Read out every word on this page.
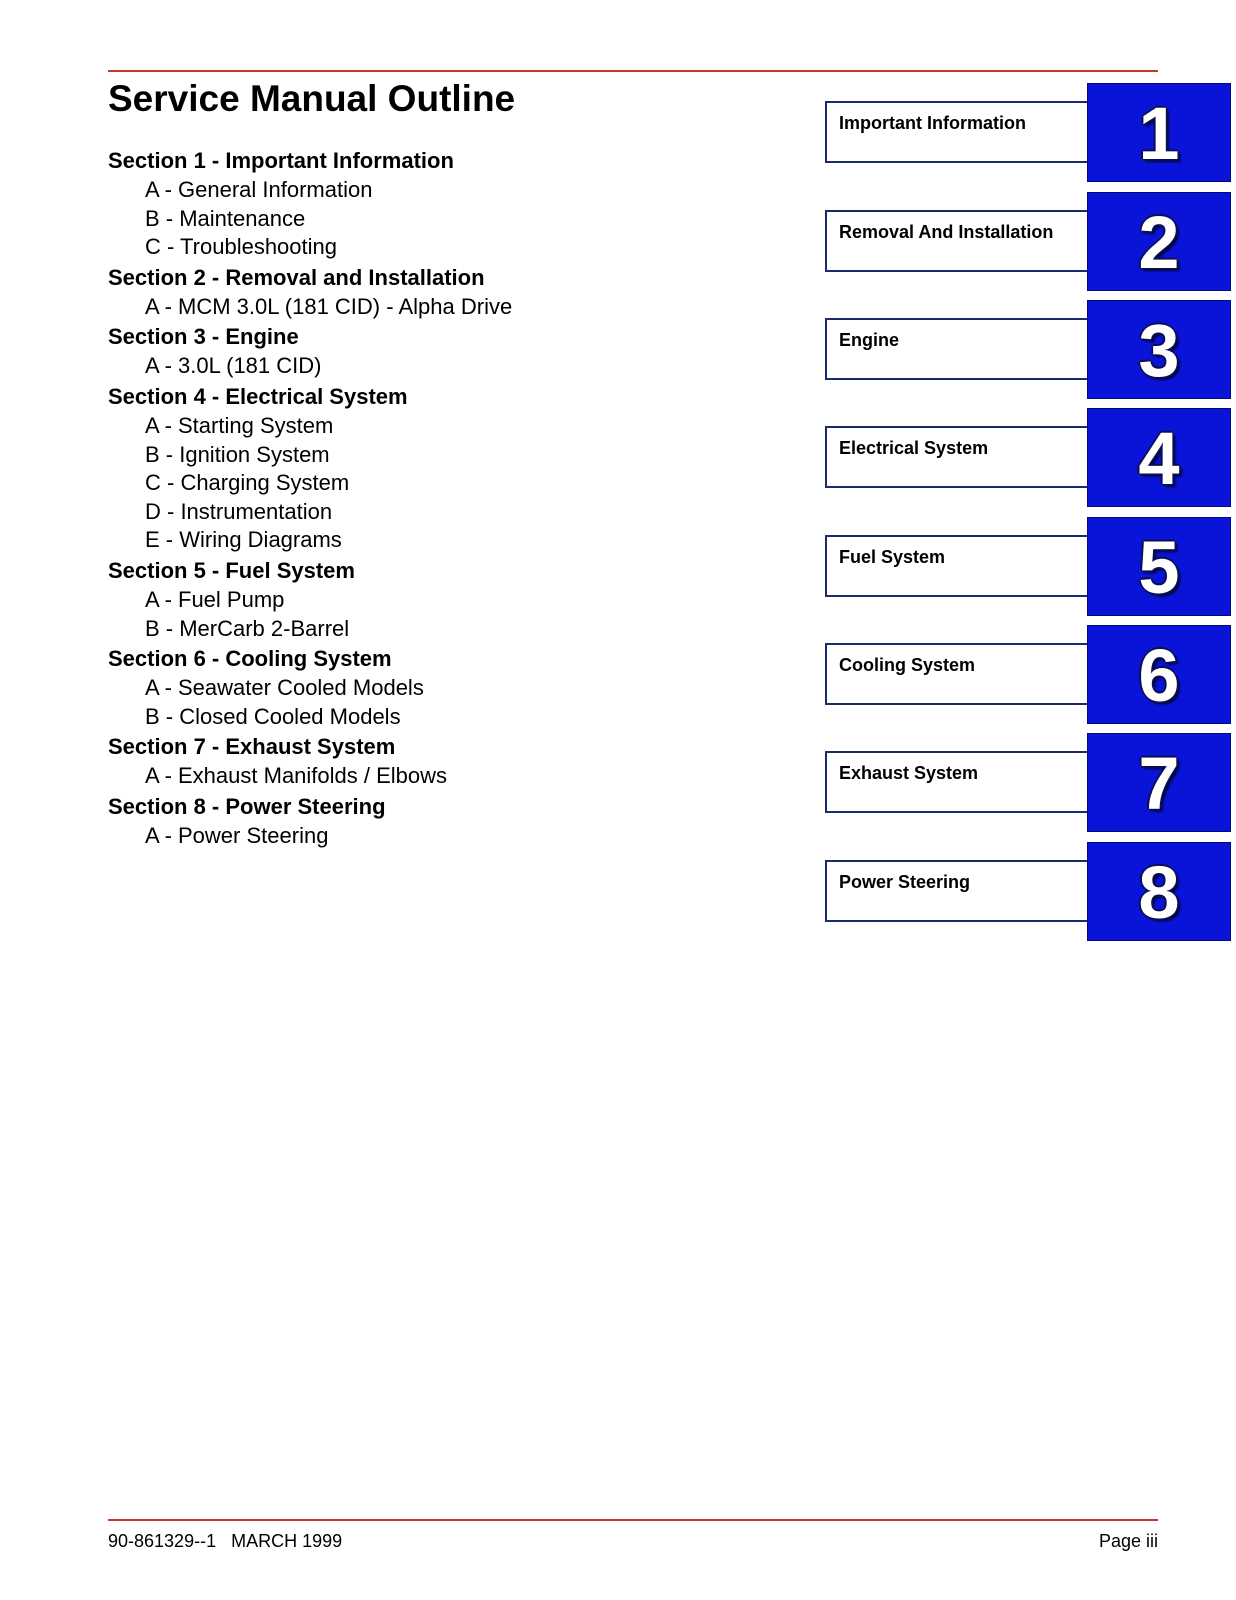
Service Manual Outline
Section 1 - Important Information
A - General Information
B - Maintenance
C - Troubleshooting
Section 2 - Removal and Installation
A - MCM 3.0L (181 CID) - Alpha Drive
Section 3 - Engine
A - 3.0L (181 CID)
Section 4 - Electrical System
A - Starting System
B - Ignition System
C - Charging System
D - Instrumentation
E - Wiring Diagrams
Section 5 - Fuel System
A - Fuel Pump
B - MerCarb 2-Barrel
Section 6 - Cooling System
A - Seawater Cooled Models
B - Closed Cooled Models
Section 7 - Exhaust System
A - Exhaust Manifolds / Elbows
Section 8 - Power Steering
A - Power Steering
Important Information	1
Removal And Installation	2
Engine	3
Electrical System	4
Fuel System	5
Cooling System	6
Exhaust System	7
Power Steering	8
90-861329--1   MARCH 1999	Page iii
